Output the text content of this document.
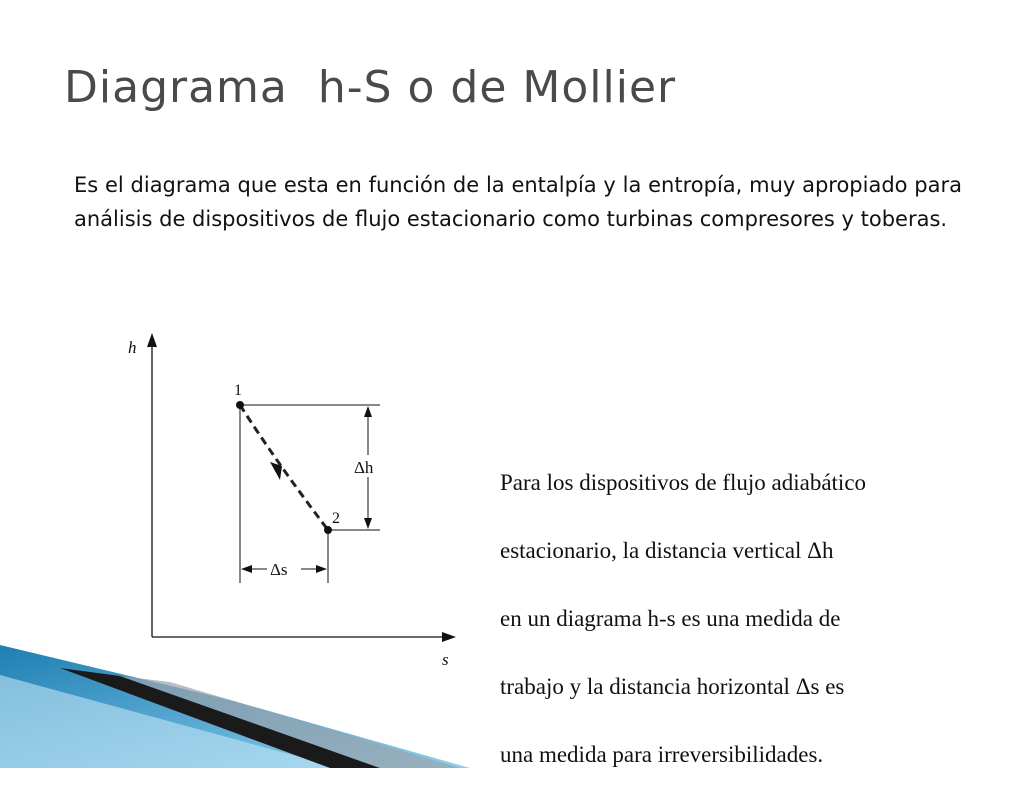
Diagrama  h-S o de Mollier
Es el diagrama que esta en función de la entalpía y la entropía, muy apropiado para análisis de dispositivos de flujo estacionario como turbinas compresores y toberas.
h
s
1
2
Δh
Δs

Para los dispositivos de flujo adiabático

estacionario, la distancia vertical Δh

en un diagrama h-s es una medida de

trabajo y la distancia horizontal Δs es

una medida para irreversibilidades.
